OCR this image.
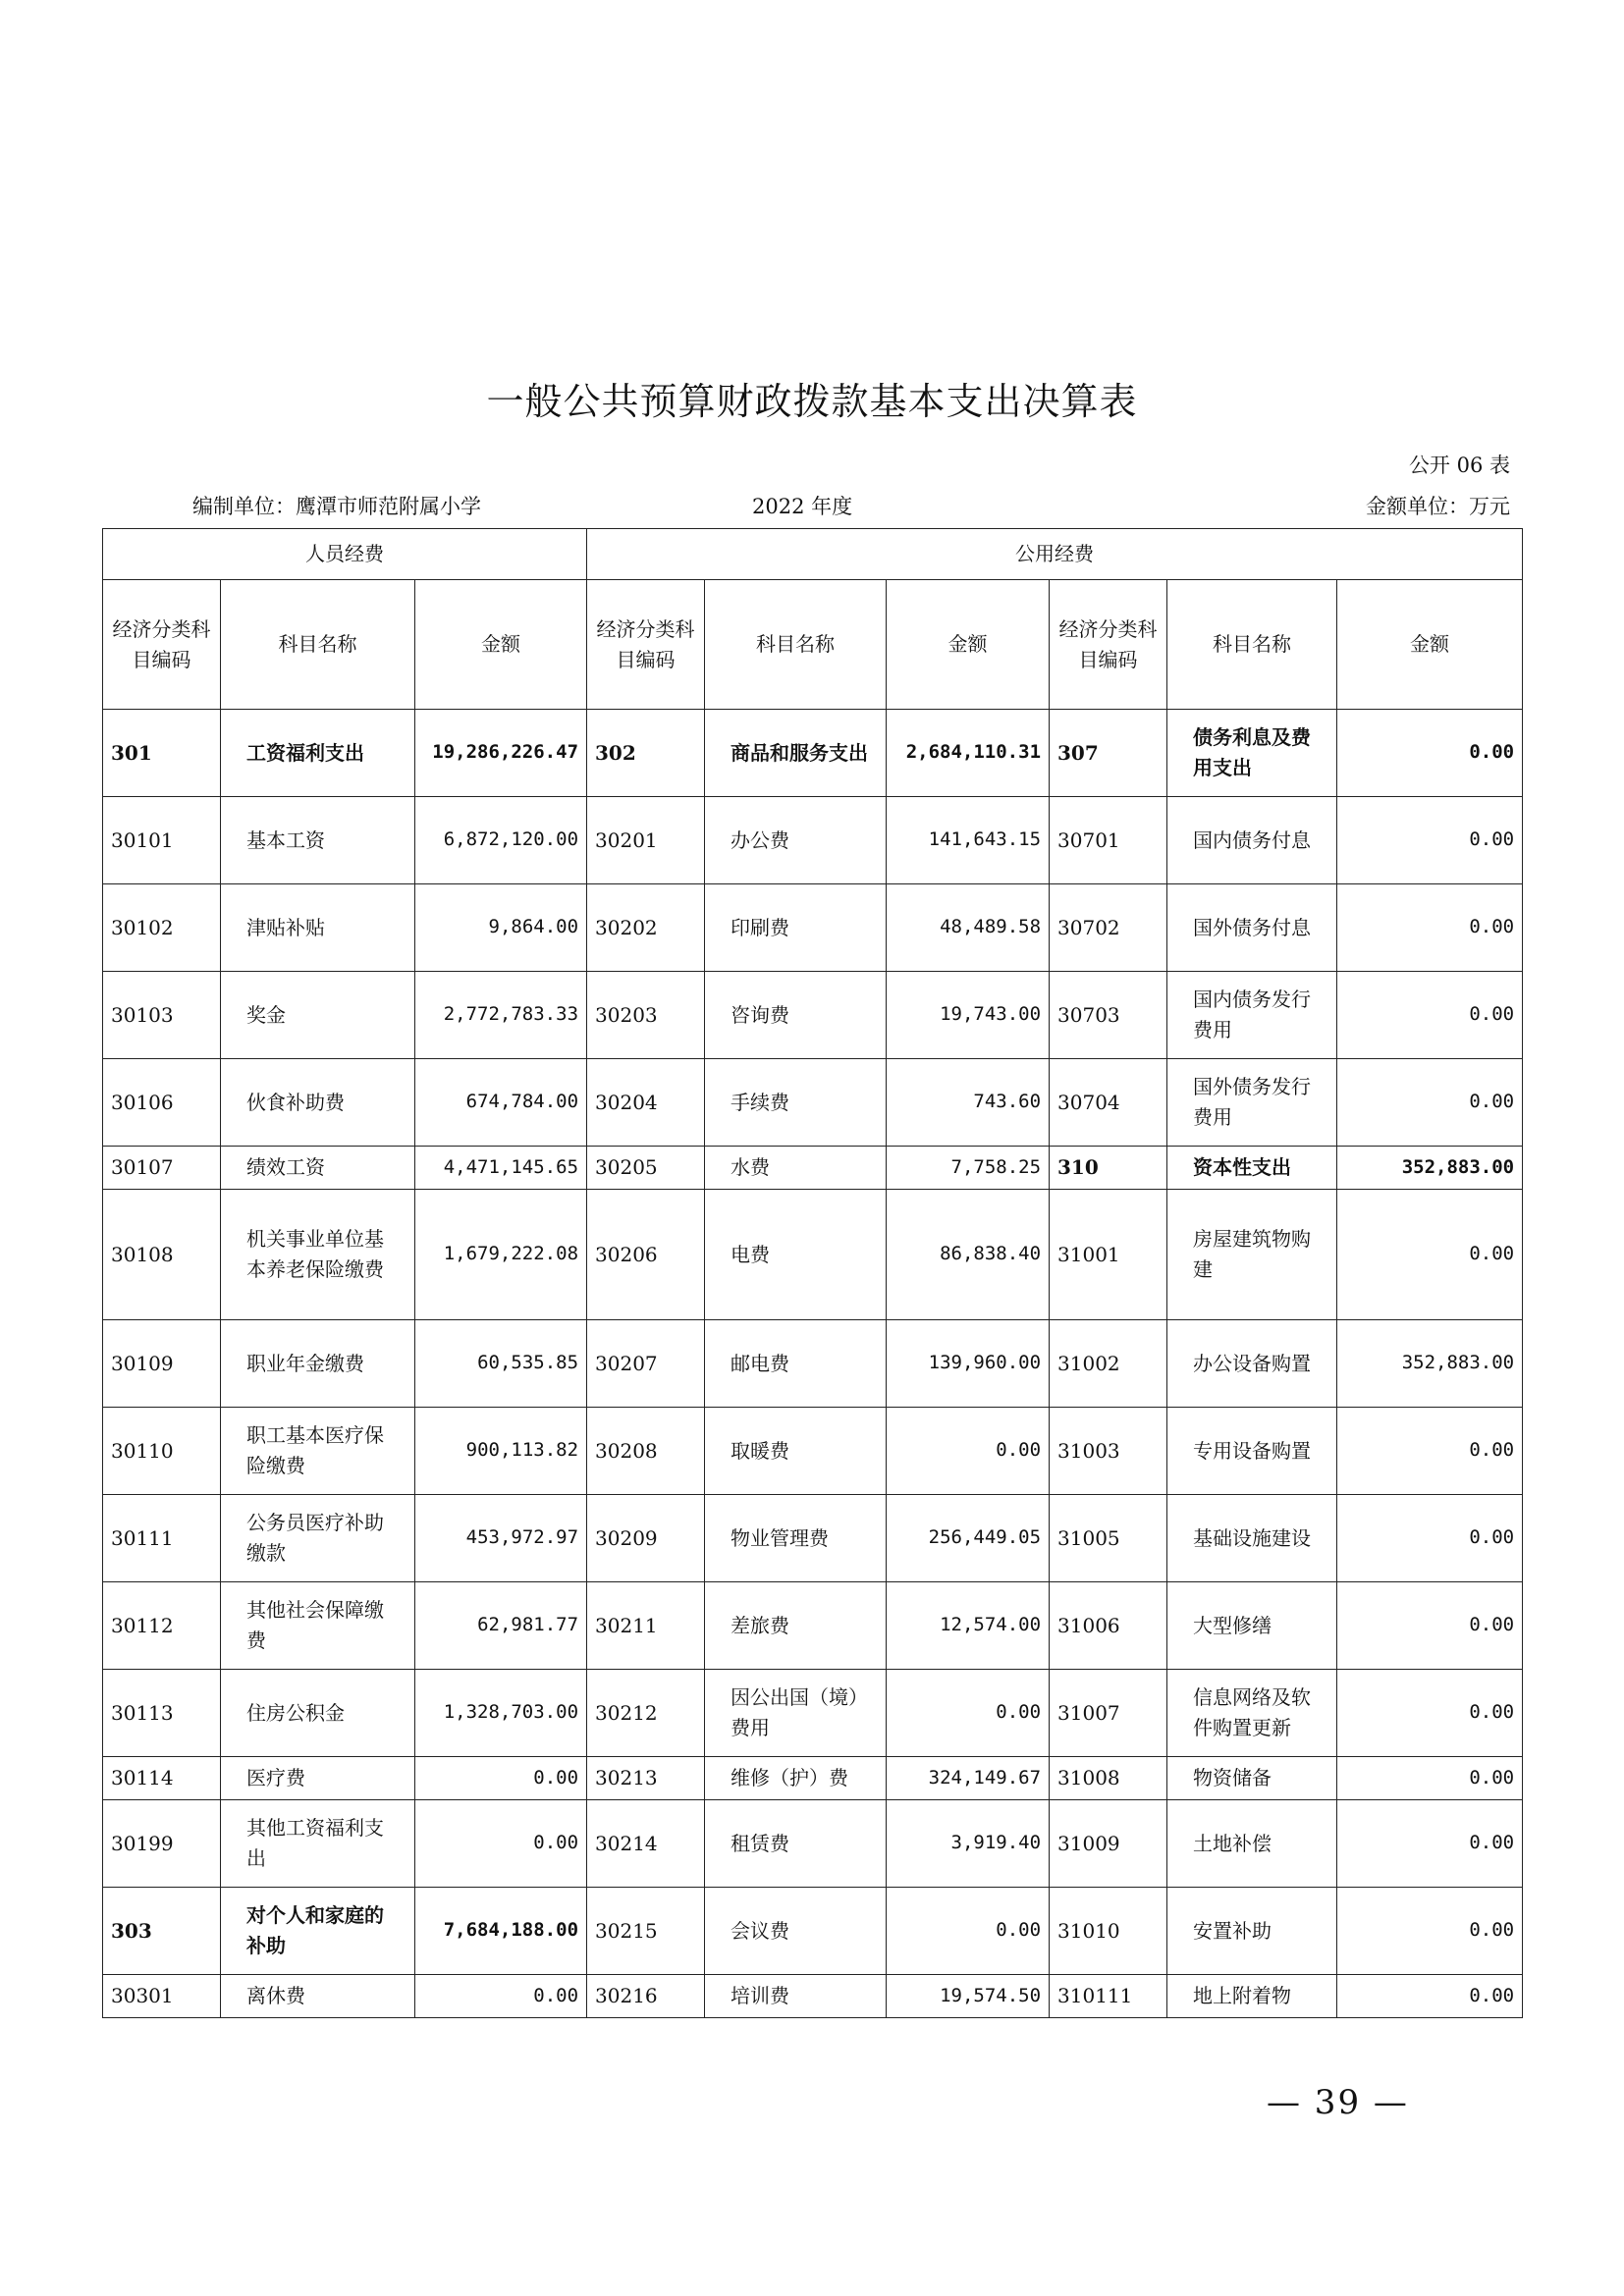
一般公共预算财政拨款基本支出决算表
公开 06 表
编制单位：鹰潭市师范附属小学	2022 年度	金额单位：万元
人员经费			公用经费					
经济分类科目编码	科目名称	金额	经济分类科目编码	科目名称	金额	经济分类科目编码	科目名称	金额
301	工资福利支出	19,286,226.47	302	商品和服务支出	2,684,110.31	307	债务利息及费用支出	0.00
30101	基本工资	6,872,120.00	30201	办公费	141,643.15	30701	国内债务付息	0.00
30102	津贴补贴	9,864.00	30202	印刷费	48,489.58	30702	国外债务付息	0.00
30103	奖金	2,772,783.33	30203	咨询费	19,743.00	30703	国内债务发行费用	0.00
30106	伙食补助费	674,784.00	30204	手续费	743.60	30704	国外债务发行费用	0.00
30107	绩效工资	4,471,145.65	30205	水费	7,758.25	310	资本性支出	352,883.00
30108	机关事业单位基本养老保险缴费	1,679,222.08	30206	电费	86,838.40	31001	房屋建筑物购建	0.00
30109	职业年金缴费	60,535.85	30207	邮电费	139,960.00	31002	办公设备购置	352,883.00
30110	职工基本医疗保险缴费	900,113.82	30208	取暖费	0.00	31003	专用设备购置	0.00
30111	公务员医疗补助缴款	453,972.97	30209	物业管理费	256,449.05	31005	基础设施建设	0.00
30112	其他社会保障缴费	62,981.77	30211	差旅费	12,574.00	31006	大型修缮	0.00
30113	住房公积金	1,328,703.00	30212	因公出国（境）费用	0.00	31007	信息网络及软件购置更新	0.00
30114	医疗费	0.00	30213	维修（护）费	324,149.67	31008	物资储备	0.00
30199	其他工资福利支出	0.00	30214	租赁费	3,919.40	31009	土地补偿	0.00
303	对个人和家庭的补助	7,684,188.00	30215	会议费	0.00	31010	安置补助	0.00
30301	离休费	0.00	30216	培训费	19,574.50	310111	地上附着物	0.00
— 39 —
